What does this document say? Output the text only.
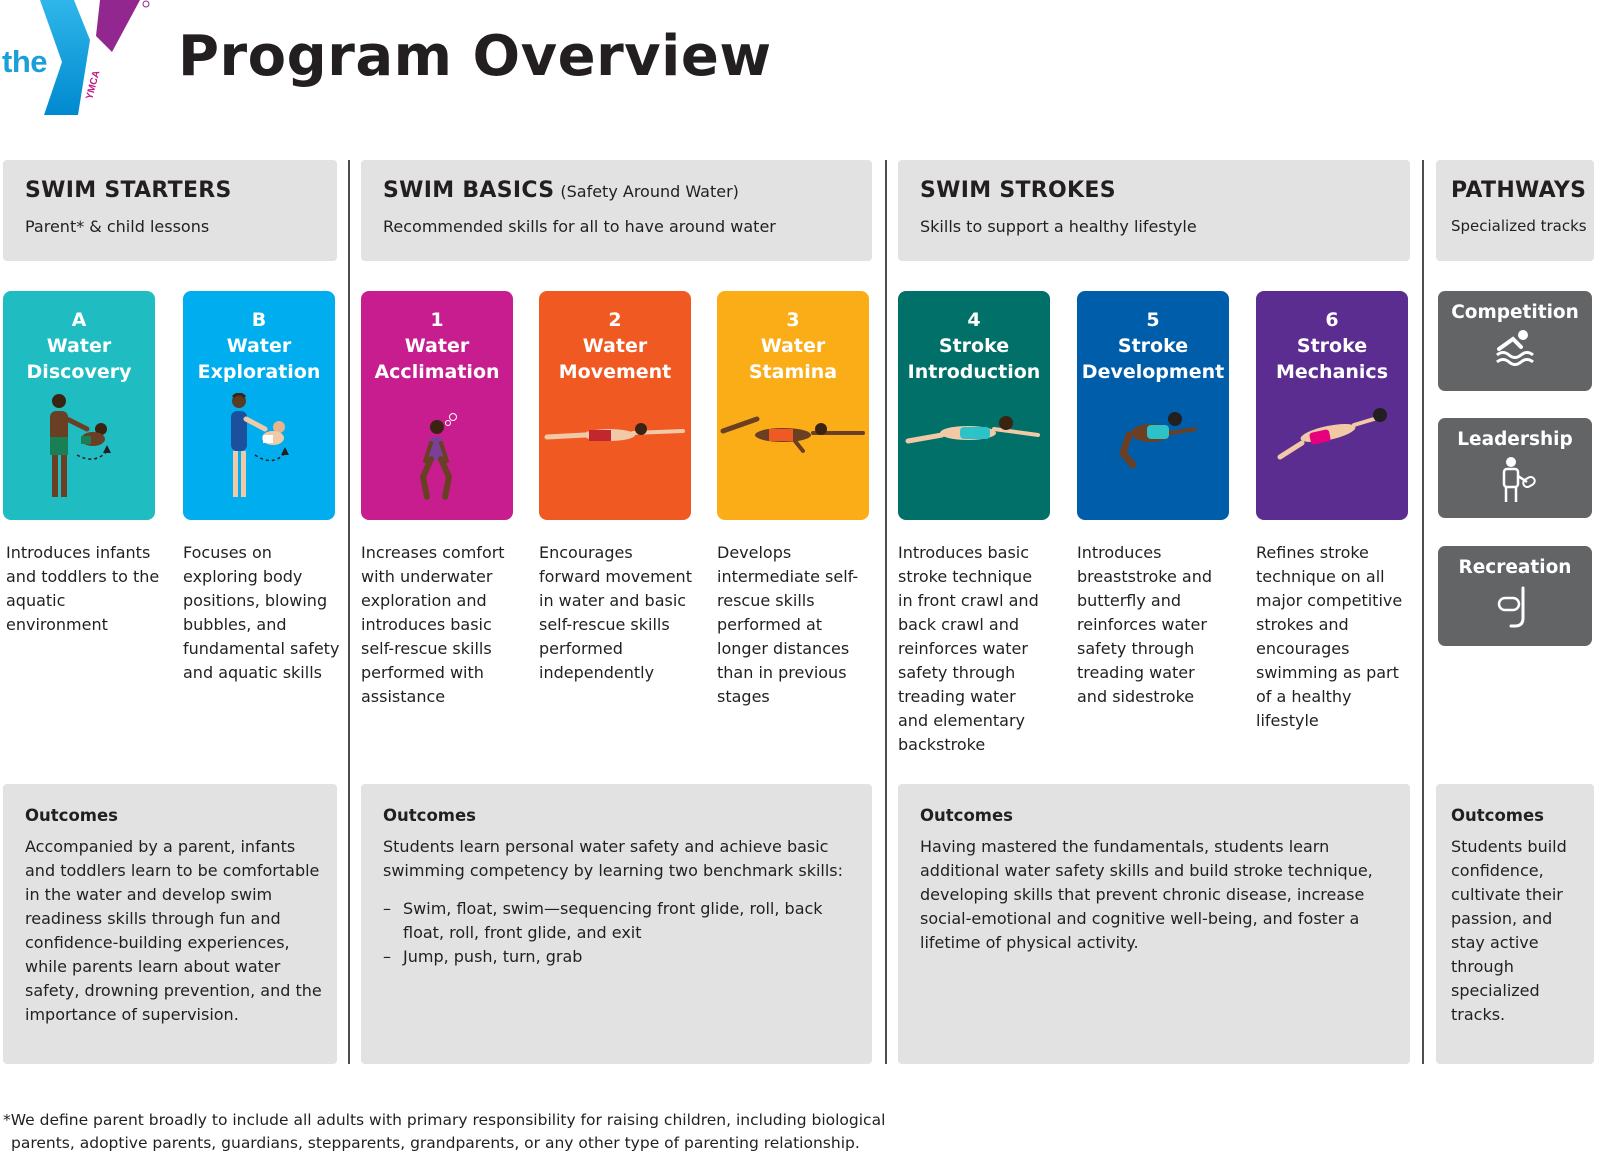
YMCA
the Program Overview
SWIM STARTERS
Parent* & child lessons
SWIM BASICS (Safety Around Water)
Recommended skills for all to have around water
SWIM STROKES
Skills to support a healthy lifestyle
PATHWAYS
Specialized tracks
A
Water
Discovery
B
Water
Exploration
1
Water
Acclimation
2
Water
Movement
3
Water
Stamina
4
Stroke
Introduction
5
Stroke
Development
6
Stroke
Mechanics
Competition
Leadership
Recreation

Introduces infants and toddlers to the aquatic environment

Focuses on exploring body positions, blowing bubbles, and fundamental safety and aquatic skills

Increases comfort with underwater exploration and introduces basic self-rescue skills performed with assistance

Encourages forward movement in water and basic self-rescue skills performed independently

Develops intermediate self-rescue skills performed at longer distances than in previous stages

Introduces basic stroke technique in front crawl and back crawl and reinforces water safety through treading water and elementary backstroke

Introduces breaststroke and butterfly and reinforces water safety through treading water and sidestroke

Refines stroke technique on all major competitive strokes and encourages swimming as part of a healthy lifestyle

Outcomes

Accompanied by a parent, infants and toddlers learn to be comfortable in the water and develop swim readiness skills through fun and confidence-building experiences, while parents learn about water safety, drowning prevention, and the importance of supervision.

Outcomes

Students learn personal water safety and achieve basic swimming competency by learning two benchmark skills:

– Swim, float, swim—sequencing front glide, roll, back float, roll, front glide, and exit
– Jump, push, turn, grab
Outcomes

Having mastered the fundamentals, students learn additional water safety skills and build stroke technique, developing skills that prevent chronic disease, increase social-emotional and cognitive well-being, and foster a lifetime of physical activity.

Outcomes

Students build confidence, cultivate their passion, and stay active through specialized tracks.

*We define parent broadly to include all adults with primary responsibility for raising children, including biological
parents, adoptive parents, guardians, stepparents, grandparents, or any other type of parenting relationship.
